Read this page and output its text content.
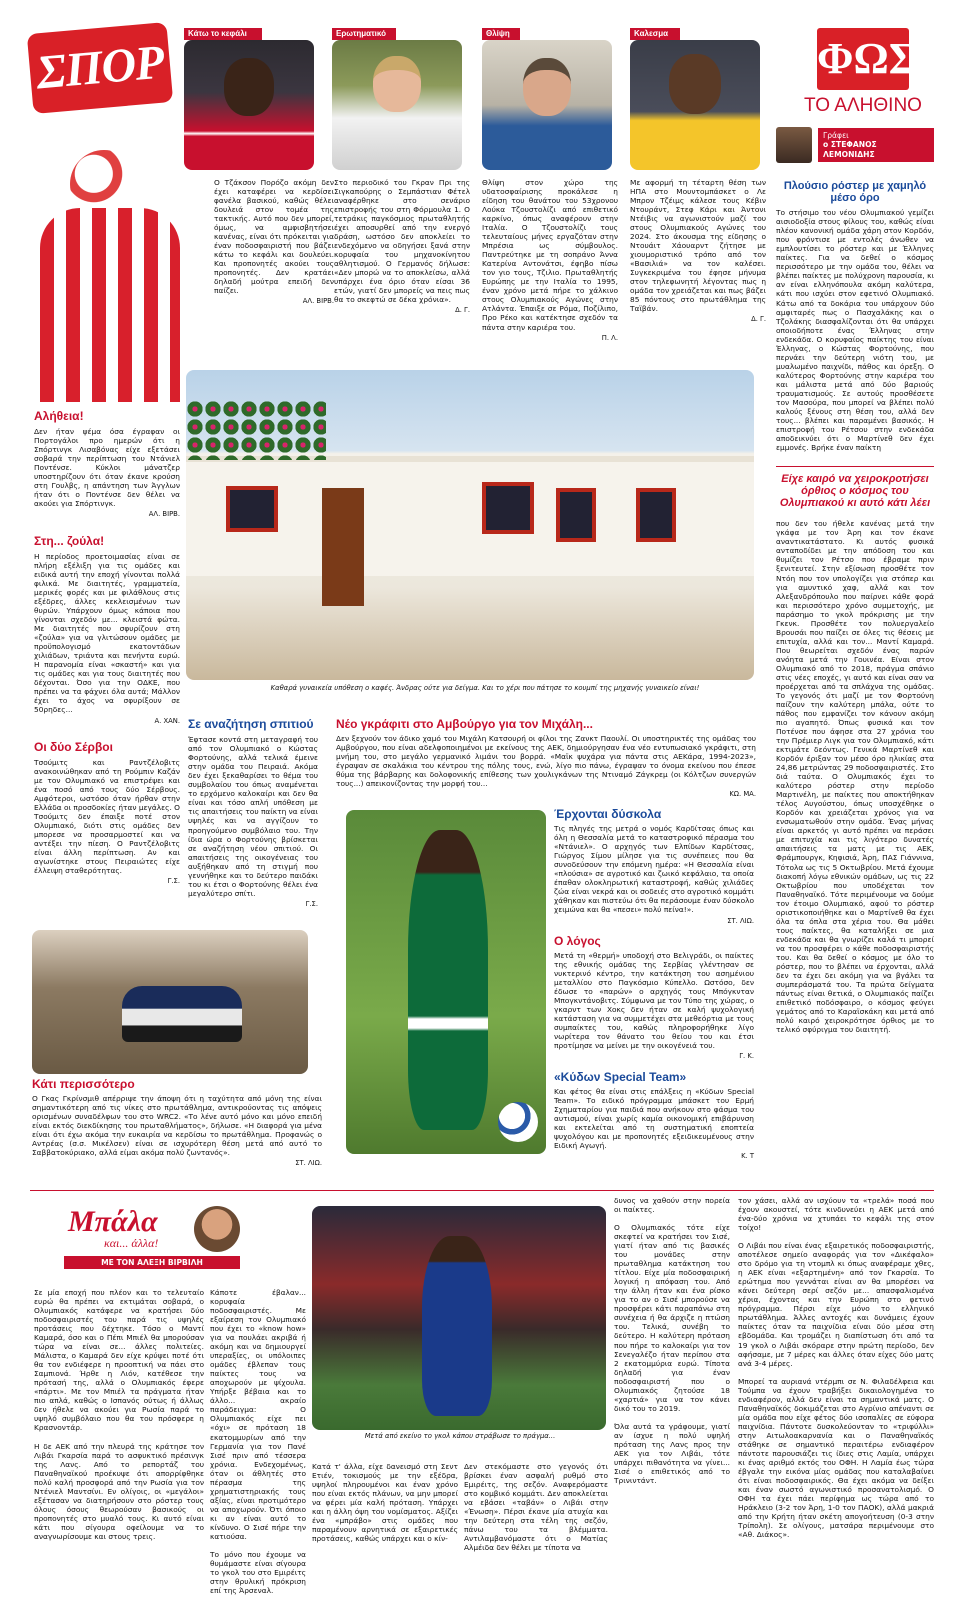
ΣΠΟΡ
Κάτω το κεφάλι	Ερωτηματικό	Θλίψη	Καλεσμα
ΦΩΣ
ΤΟ ΑΛΗΘΙΝΟ
Γράφει
ο ΣΤΕΦΑΝΟΣ ΛΕΜΟΝΙΔΗΣ
Ο Τζάκσον Πορόζο ακόμη δεν έχει καταφέρει να κερδίσει φανέλα βασικού, καθώς θέλει δουλειά στον τομέα της τακτικής. Αυτό που δεν μπορεί, όμως, να αμφισβητήσει κανένας, είναι ότι πρόκειται για έναν ποδοσφαιριστή που βάζει κάτω το κεφάλι και δουλεύει. Και προπονητές ακούει τους προπονητές. Δεν κρατάει δηλαδή μούτρα επειδή δεν παίζει.
ΑΛ. ΒΙΡΒ.
Στο περιοδικό του Γκραν Πρι της Σιγκαπούρης ο Σεμπάστιαν Φέτελ αναφέρθηκε στο σενάριο επιστροφής του στη Φόρμουλα 1. Ο τετράκις παγκόσμιος πρωταθλητής έχει αποσυρθεί από την ενεργό δράση, ωστόσο δεν αποκλείει το ενδεχόμενο να οδηγήσει ξανά στην κορυφαία του μηχανοκίνητου αθλητισμού. Ο Γερμανός δήλωσε: «Δεν μπορώ να το αποκλείσω, αλλά υπάρχει ένα όριο όταν είσαι 36 ετών, γιατί δεν μπορείς να πεις πως θα το σκεφτώ σε δέκα χρόνια».
Δ. Γ.
Θλίψη στον χώρο της υδατοσφαίρισης προκάλεσε η είδηση του θανάτου του 53χρονου Λούκα Τζουστολίζι από επιθετικό καρκίνο, όπως αναφέρουν στην Ιταλία. Ο Τζουστολίζι τους τελευταίους μήνες εργαζόταν στην Μπρέσια ως σύμβουλος. Παντρεύτηκε με τη σοπράνο Άννα Κατερίνα Αντονάτσι, έφηβο πίσω τον γιο τους, Τζιλιο. Πρωταθλητής Ευρώπης με την Ιταλία το 1995, έναν χρόνο μετά πήρε το χάλκινο στους Ολυμπιακούς Αγώνες στην Ατλάντα. Έπαιξε σε Ρόμα, Ποζίλιπο, Προ Ρέκο και κατέκτησε σχεδόν τα πάντα στην καριέρα του.
Π. Λ.
Με αφορμή τη τέταρτη θέση των ΗΠΑ στο Μουντομπάσκετ ο Λε Μπρον Τζέιμς κάλεσε τους Κέβιν Ντουράντ, Στεφ Κάρι και Άντονι Ντέιβις να αγωνιστούν μαζί του στους Ολυμπιακούς Αγώνες του 2024. Στο άκουσμα της είδησης ο Ντουάιτ Χάουαρντ ζήτησε με χιουμοριστικό τρόπο από τον «Βασιλιά» να τον καλέσει. Συγκεκριμένα του έφησε μήνυμα στον τηλεφωνητή λέγοντας πως η ομάδα τον χρειάζεται και πως βάζει 85 πόντους στο πρωτάθλημα της Ταϊβάν.
Δ. Γ.
Αλήθεια!
Δεν ήταν ψέμα όσα έγραφαν οι Πορτογάλοι προ ημερών ότι η Σπόρτινγκ Λισαβόνας είχε εξετάσει σοβαρά την περίπτωση του Ντάνιελ Ποντένσε. Κύκλοι μάνατζερ υποστηρίζουν ότι όταν έκανε κρούση στη Γουλβς, η απάντηση των Άγγλων ήταν ότι ο Ποντένσε δεν θέλει να ακούει για Σπόρτινγκ.
ΑΛ. ΒΙΡΒ.
Στη... ζούλα!
Η περίοδος προετοιμασίας είναι σε πλήρη εξέλιξη για τις ομάδες και ειδικά αυτή την εποχή γίνονται πολλά φιλικά. Με διαιτητές, γραμματεία, μερικές φορές και με φιλάθλους στις εξέδρες, άλλες κεκλεισμένων των θυρών. Υπάρχουν όμως κάποια που γίνονται σχεδόν με... κλειστά φώτα. Με διαιτητές που σφυρίζουν στη «ζούλα» για να γλιτώσουν ομάδες με προϋπολογισμό εκατοντάδων χιλιάδων, τριάντα και πενήντα ευρώ. Η παρανομία είναι «σκαστή» και για τις ομάδες και για τους διαιτητές που δέχονται. Όσο για την ΟΔΚΕ, που πρέπει να τα φάχνει όλα αυτά; Μάλλον έχει το άχος να σφυρίξουν σε 50ρηδες...
Α. ΧΑΝ.
Οι δύο Σέρβοι
Τσούμιτς και Ραντζέλοβιτς ανακοινώθηκαν από τη Ρούμπιν Καζάν με τον Ολυμπιακό να επιστρέψει και ένα ποσό από τους δύο Σέρβους. Αμφότεροι, ωστόσο όταν ήρθαν στην Ελλάδα οι προσδοκίες ήταν μεγάλες. Ο Τσούμιτς δεν έπαιξε ποτέ στον Ολυμπιακό, διότι στις ομάδες δεν μπορεσε να προσαρμοστεί και να αντέξει την πίεση. Ο Ραντζέλοβιτς είναι άλλη περίπτωση. Αν και αγωνίστηκε στους Πειραιώτες είχε έλλειψη σταθερότητας.
Γ.Σ.
Καθαρά γυναικεία υπόθεση ο καφές. Άνδρας ούτε για δείγμα. Και το χέρι που πάτησε το κουμπί της μηχανής γυναικείο είναι!
Σε αναζήτηση σπιτιού
Έφτασε κοντά στη μεταγραφή του από τον Ολυμπιακό ο Κώστας Φορτούνης, αλλά τελικά έμεινε στην ομάδα του Πειραιά. Ακόμα δεν έχει ξεκαθαρίσει το θέμα του συμβολαίου του όπως αναμένεται το ερχόμενο καλοκαίρι και δεν θα είναι και τόσο απλή υπόθεση με τις απαιτήσεις του παίκτη να είναι υψηλές και να αγγίζουν το προηγούμενο συμβόλαιο του. Την ίδια ώρα ο Φορτούνης βρίσκεται σε αναζήτηση νέου σπιτιού. Οι απαιτήσεις της οικογένειας του αυξήθηκαν από τη στιγμή που γεννήθηκε και το δεύτερο παιδάκι του κι έτσι ο Φορτούνης θέλει ένα μεγαλύτερο σπίτι.
Γ.Σ.
Νέο γκράφιτι στο Αμβούργο για τον Μιχάλη...
Δεν ξεχνούν τον άδικο χαμό του Μιχάλη Κατσουρή οι φίλοι της Ζανκτ Παουλί. Οι υποστηρικτές της ομάδας του Αμβούργου, που είναι αδελφοποιημένοι με εκείνους της ΑΕΚ, δημιούργησαν ένα νέο εντυπωσιακό γκράφιτι, στη μνήμη του, στο μεγάλο γερμανικό λιμάνι του βορρά. «Μαϊκ ψυχάρα για πάντα στις ΑΕΚάρα, 1994-2023», έγραψαν σε σκαλάκια του κέντρου της πόλης τους, ενώ, λίγο πιο πάνω, έγραψαν το όνομα εκείνου που έπεσε θύμα της βάρβαρης και δολοφονικής επίθεσης των χουλιγκάνων της Ντιναμό Ζάγκρεμ (οι Κόλτζων συνεργών τους...) απεικονίζοντας την μορφή του...
ΚΩ. ΜΑ.
Έρχονται δύσκολα
Τις πληγές της μετρά ο νομός Καρδίτσας όπως και όλη η Θεσσαλία μετά το καταστροφικό πέρασμα του «Ντάνιελ». Ο αρχηγός των Ελπίδων Καρδίτσας, Γιώργος Σίμου μίλησε για τις συνέπειες που θα συνοδεύσουν την επόμενη ημέρα: «Η Θεσσαλία είναι «πλούσια» σε αγροτικό και ζωικό κεφάλαιο, τα οποία έπαθαν ολοκληρωτική καταστροφή, καθώς χιλιάδες ζώα είναι νεκρά και οι σοδειές στο αγροτικό κομμάτι χάθηκαν και πιστεύω ότι θα περάσουμε έναν δύσκολο χειμώνα και θα «πεσει» πολύ πείνα!».
ΣΤ. ΛΙΩ.
Ο λόγος
Μετά τη «θερμή» υποδοχή στο Βελιγράδι, οι παίκτες της εθνικής ομάδας της Σερβίας γλέντησαν σε νυκτερινό κέντρο, την κατάκτηση του ασημένιου μεταλλίου στο Παγκόσμιο Κύπελλο. Ωστόσο, δεν έδωσε το «παρών» ο αρχηγός τους Μπόγκνταν Μπογκντάνοβιτς. Σύμφωνα με τον Τύπο της χώρας, ο γκαρντ των Χοκς δεν ήταν σε καλή ψυχολογική κατάσταση για να συμμετέχει στα μεθεόρτια με τους συμπαίκτες του, καθώς πληροφορήθηκε λίγο νωρίτερα τον θάνατο του θείου του και έτσι προτίμησε να μείνει με την οικογένειά του.
Γ. Κ.
«Κύδων Special Team»
Και φέτος θα είναι στις επάλξεις η «Κύδων Special Team». Το ειδικό πρόγραμμα μπάσκετ του Ερμή Σχηματαρίου για παιδιά που ανήκουν στο φάσμα του αυτισμού, είναι χωρίς καμία οικονομική επιβάρυνση και εκτελείται από τη συστηματική εποπτεία ψυχολόγου και με προπονητές εξειδικευμένους στην Ειδική Αγωγή.
Κ. Τ
Κάτι περισσότερο
Ο Γκας Γκρίνσμιθ απέρριψε την άποψη ότι η ταχύτητα από μόνη της είναι σημαντικότερη από τις νίκες στο πρωτάθλημα, αντικρούοντας τις απόψεις ορισμένων συναδέλφων του στο WRC2. «Το λένε αυτό μόνο και μόνο επειδή είναι εκτός διεκδίκησης του πρωταθλήματος», δήλωσε. «Η διαφορά για μένα είναι ότι έχω ακόμα την ευκαιρία να κερδίσω το πρωτάθλημα. Προφανώς ο Αντρέας (σ.σ. Μικέλσεν) είναι σε ισχυρότερη θέση μετά από αυτό το Σαββατοκύριακο, αλλά είμαι ακόμα πολύ ζωντανός».
ΣΤ. ΛΙΩ.
Πλούσιο ρόστερ με χαμηλό μέσο όρο
Το στήσιμο του νέου Ολυμπιακού γεμίζει αισιοδοξία στους φίλους του, καθώς είναι πλέον κανονική ομάδα χάρη στον Κορδόν, που φρόντισε με εντολές άνωθεν να εμπλουτίσει το ρόστερ και με Έλληνες παίκτες. Για να δεθεί ο κόσμος περισσότερο με την ομάδα του, θέλει να βλέπει παίκτες με πολύχρονη παρουσία, κι αν είναι ελληνόπουλα ακόμη καλύτερα, κάτι που ισχύει στον εφετινό Ολυμπιακό. Κάτω από τα δοκάρια του υπάρχουν δύο αμφιταρές πως ο Πασχαλάκης και ο Τζολάκης διασφαλίζονται ότι θα υπάρχει οποιοδήποτε ένας Έλληνας στην ενδεκάδα. Ο κορυφαίος παίκτης του είναι Έλληνας, ο Κώστας Φορτούνης, που περνάει την δεύτερη νιότη του, με μυαλωμένο παιχνίδι, πάθος και όρεξη. Ο καλύτερος Φορτούνης στην καριέρα του και μάλιστα μετά από δύο βαριούς τραυματισμούς. Σε αυτούς προσθέσετε τον Μασούρα, που μπορεί να βλέπει πολύ καλούς ξένους στη θέση του, αλλά δεν τους... βλέπει και παραμένει βασικός. Η επιστροφή του Ρέτσου στην ενδεκάδα αποδεικνύει ότι ο Μαρτίνεθ δεν έχει εμμονές. Βρήκε έναν παίκτη
Είχε καιρό να χειροκροτήσει όρθιος ο κόσμος του Ολυμπιακού κι αυτό κάτι λέει
που δεν του ήθελε κανένας μετά την γκάφα με τον Άρη και τον έκανε αναντικατάστατο. Κι αυτός φυσικά ανταποδίδει με την απόδοση του και θυμίζει τον Ρέτσο που έβραμε πριν ξενιτευτεί. Στην εξίσωση προσθέτε τον Ντόη που τον υπολογίζει για στόπερ και για αμυντικό χαφ, αλλά και τον Αλεξανδρόπουλο που παίρνει κάθε φορά και περισσότερο χρόνο συμμετοχής, με παράσημο το γκολ πρόκρισης με την Γκενκ. Προσθέτε τον πολυεργαλείο Βρουσάι που παίζει σε όλες τις θέσεις με επιτυχία, αλλά και τον... Μαντί Καμαρά. Που θεωρείται σχεδόν ένας παρών ανόητα μετά την Γουινέα. Είναι στον Ολυμπιακό από το 2018, πράγμα σπάνιο στις νέες εποχές, γι αυτό και είναι σαν να προέρχεται από τα σπλάχνα της ομάδας. Το γεγονός ότι μαζί με τον Φορτούνη παίζουν την καλύτερη μπάλα, ούτε το πάθος που εμφανίζει τον κάνουν ακόμη πιο αγαπητό. Όπως φυσικά και τον Ποτένσε που άφησε στα 27 χρόνια του την Πρέμιερ Λιγκ για τον Ολυμπιακό, κάτι εκτιμάτε δεόντως. Γενικά Μαρτίνεθ και Κορδόν έριξαν τον μέσο όρο ηλικίας στα 24,86 μετρώντας 29 ποδοσφαιριστές. Στο διά ταύτα. Ο Ολυμπιακός έχει το καλύτερο ρόστερ στην περίοδο Μαρτινέλη, με παίκτες που αποκτήθηκαν τέλος Αυγούστου, όπως υποσχέθηκε ο Κορδόν και χρειάζεται χρόνος για να ενσωματωθούν στην ομάδα. Ένας μήνας είναι αρκετός γι αυτό πρέπει να περάσει με επιτυχία και τις λιγότερο δυνατές απαιτήσεις τα ματς με τις ΑΕΚ, Φράμπουργκ, Κηφισιά, Άρη, ΠΑΣ Γιάννινα, Τότολα ως τις 5 Οκτωβρίου. Μετά έχουμε διακοπή λόγω εθνικών ομάδων, ως τις 22 Οκτωβρίου που υποδέχεται τον Παναθηναϊκό. Τότε περιμένουμε να δούμε τον έτοιμο Ολυμπιακό, αφού το ρόστερ οριστικοποιήθηκε και ο Μαρτίνεθ θα έχει όλα τα όπλα στα χέρια του. Θα μάθει τους παίκτες, θα καταλήξει σε μια ενδεκάδα και θα γνωρίζει καλά τι μπορεί να του προσφέρει ο κάθε ποδοσφαιριστής του. Και θα δεθεί ο κόσμος με όλο το ρόστερ, που το βλέπει να έρχονται, αλλά δεν τα έχει δει ακόμη για να βγάλει τα συμπεράσματά του. Τα πρώτα δείγματα πάντως είναι θετικά, ο Ολυμπιακός παίζει επιθετικό ποδόσφαιρο, ο κόσμος φεύγει γεμάτος από το Καραϊσκάκη και μετά από πολύ καιρό χειροκρότησε όρθιος με το τελικό σφύριγμα του διαιτητή.
Μπάλα
και... άλλα!
ΜΕ ΤΟΝ ΑΛΕΞΗ ΒΙΡΒΙΛΗ
Σε μία εποχή που πλέον και το τελευταίο ευρώ θα πρέπει να εκτιμάται σοβαρά, ο Ολυμπιακός κατάφερε να κρατήσει δύο ποδοσφαιριστές του παρά τις υψηλές προτάσεις που δέχτηκε. Τόσο ο Μαντί Καμαρά, όσο και ο Πέπι Μπιέλ θα μπορούσαν τώρα να είναι σε... άλλες πολιτείες. Μάλιστα, ο Καμαρά δεν είχε κρύψει ποτέ ότι θα τον ενδιέφερε η προοπτική να πάει στο Σαμπιονά. Ήρθε η Λιόν, κατέθεσε την πρότασή της, αλλά ο Ολυμπιακός έφερε «πάρτι». Με τον Μπιέλ τα πράγματα ήταν πιο απλά, καθώς ο Ισπανός ούτως ή άλλως δεν ήθελε να ακούει για Ρωσία παρά το υψηλό συμβόλαιο που θα του πρόσφερε η Κρασνοντάρ.

Η δε ΑΕΚ από την πλευρά της κράτησε τον Λιβάι Γκαρσία παρά το ασφυκτικό πρέσινγκ της Λανς. Από το ρεπορτάζ του Παναθηναϊκού προέκυψε ότι απορρίφθηκε πολύ καλή προσφορά από την Ρωσία για τον Ντένιελ Μαντσίνι. Εν ολίγοις, οι «μεγάλοι» εξέτασαν να διατηρήσουν στο ρόστερ τους όλους όσους θεωρούσαν βασικούς οι προπονητές στο μυαλό τους. Κι αυτό είναι κάτι που σίγουρα οφείλουμε να το αναγνωρίσουμε και στους τρεις.
Κάποτε έβαλαν... κορυφαία ποδοσφαιριστές. Με εξαίρεση τον Ολυμπιακό που έχει το «know how» για να πουλάει ακριβά ή ακόμη και να δημιουργεί υπεραξίες, οι υπόλοιπες ομάδες έβλεπαν τους παίκτες τους να αποχωρούν με ψίχουλα. Υπήρξε βέβαια και το άλλο... ακραίο παράδειγμα: Ο Ολυμπιακός είχε πει «όχι» σε πρόταση 18 εκατομμυρίων από την Γερμανία για τον Πανέ Σισέ πριν από τέσσερα χρόνια. Ενδεχομένως, όταν οι άθλητές στο πέρασμα της χρηματιστηριακής τους αξίας, είναι προτιμότερο να αποχωρούν. Ότι όποιο κι αν είναι αυτό το κίνδυνο. Ο Σισέ πήρε την κατιούσα.

Το μόνο που έχουμε να θυμάμαστε είναι σίγουρα το γκολ του στο Εμιρέιτς στην θρυλική πρόκριση επί της Άρσεναλ.
Μετά από εκείνο το γκολ κάπου στράβωσε το πράγμα...
δυνος να χαθούν στην πορεία οι παίκτες.

Ο Ολυμπιακός τότε είχε σκεφτεί να κρατήσει τον Σισέ, γιατί ήταν από τις βασικές του μονάδες στην πρωταθλημα κατάκτηση του τίτλου. Είχε μία ποδοσφαιρική λογική η απόφαση του. Από την άλλη ήταν και ένα ρίσκο για το αν ο Σισέ μπορούσε να προσφέρει κάτι παραπάνω στη συνέχεια ή θα άρχιζε η πτώση του. Τελικά, συνέβη το δεύτερο. Η καλύτερη πρόταση που πήρε το καλοκαίρι για τον Σενεγαλέζο ήταν περίπου στα 2 εκατομμύρια ευρώ. Τίποτα δηλαδή για έναν ποδοσφαιριστή που ο Ολυμπιακός ζητούσε 18 «χαρτιά» για να τον κάνει δικό του το 2019.

Όλα αυτά τα γράφουμε, γιατί αν ίσχυε η πολύ υψηλή πρόταση της Λανς προς την ΑΕΚ για τον Λιβάι, τότε υπάρχει πιθανότητα να γίνει... Σισέ ο επιθετικός από το Τρινιντάντ.
Κατά τ' άλλα, είχε δανεισμό στη Σεντ Ετιέν, τοκισμούς με την εξέδρα, υψηλοί πληρουμένοι και έναν χρόνο που είναι εκτός πλάνων, να μην μπορεί να φέρει μία καλή πρόταση. Υπάρχει και η άλλη όψη του νομίσματος. Αξίζει ένα «μπράβο» στις ομάδες που παραμένουν αρνητικά σε εξαιρετικές προτάσεις, καθώς υπάρχει και ο κίν-
Δεν στεκόμαστε στο γεγονός ότι βρίσκει έναν ασφαλή ρυθμό στο Εμιρέιτς, της σεζόν. Αναφερόμαστε στο κομβικό κομμάτι. Δεν αποκλείεται να εβάσει «ταβάν» ο Λιβάι στην «Ένωση». Πέρσι έκανε μία ατυχία και την δεύτερη στα τέλη της σεζόν, πάνω του τα βλέμματα. Αντιλαμβανόμαστε ότι ο Ματίας Αλμέιδα δεν θέλει με τίποτα να
τον χάσει, αλλά αν ισχύουν τα «τρελά» ποσά που έχουν ακουστεί, τότε κινδυνεύει η ΑΕΚ μετά από ένα-δύο χρόνια να χτυπάει το κεφάλι της στον τοίχο!

Ο Λιβάι που είναι ένας εξαιρετικός ποδοσφαιριστής, αποτέλεσε σημείο αναφοράς για τον «Δικέφαλο» στο δρόμο για τη ντομπλ κι όπως αναφέραμε χθες, η ΑΕΚ είναι «εξαρτημένη» από τον Γκαρσία. Το ερώτημα που γεννάται είναι αν θα μπορέσει να κάνει δεύτερη σερί σεζόν με... απασφαλισμένα χέρια, έχοντας και την Ευρώπη στο φετινό πρόγραμμα. Πέρσι είχε μόνο το ελληνικό πρωτάθλημα. Άλλες αντοχές και δυνάμεις έχουν παίκτες όταν τα παιχνίδια είναι δύο μέσα στη εβδομάδα. Και τρομάζει η διαπίστωση ότι από τα 19 γκολ ο Λιβάι σκόραρε στην πρώτη περίοδο, δεν αφήσαμε, με 7 μέρες και άλλες όταν είχες δύο ματς ανά 3-4 μέρες.

Μπορεί τα αυριανά ντέρμπι σε Ν. Φιλαδέλφεια και Τούμπα να έχουν τραβήξει δικαιολογημένα το ενδιαφέρον, αλλά δεν είναι τα σημαντικά ματς. Ο Παναθηναϊκός δοκιμάζεται στο Αγρίνιο απέναντι σε μία ομάδα που είχε φέτος δύο ισοπαλίες σε εύφορα παιχνίδια. Πάντοτε δυσκολεύονταν το «τριφύλλι» στην Αιτωλοακαρνανία και ο Παναθηναϊκός στάθηκε σε σημαντικό περαιτέρω ενδιαφέρον πάντοτε παρουσιάζει τις ίδιες στις Λαμία, υπάρχει κι ένας αριθμό εκτός του ΟΦΗ. Η Λαμία έως τώρα έβγαλε την εικόνα μίας ομάδας που καταλαβαίνει ότι είναι ποδοσφαιρικός. Θα έχει ακόμα να δείξει και έναν σωστό αγωνιστικό προσανατολισμό. Ο ΟΦΗ τα έχει πάει περίφημα ως τώρα από το Ηράκλειο (3-2 τον Άρη, 1-0 τον ΠΑΟΚ), αλλά μακριά από την Κρήτη ήταν σκέτη απογοήτευση (0-3 στην Τρίπολη). Σε ολίγους, ματσάρα περιμένουμε στο «Αθ. Διάκος».
